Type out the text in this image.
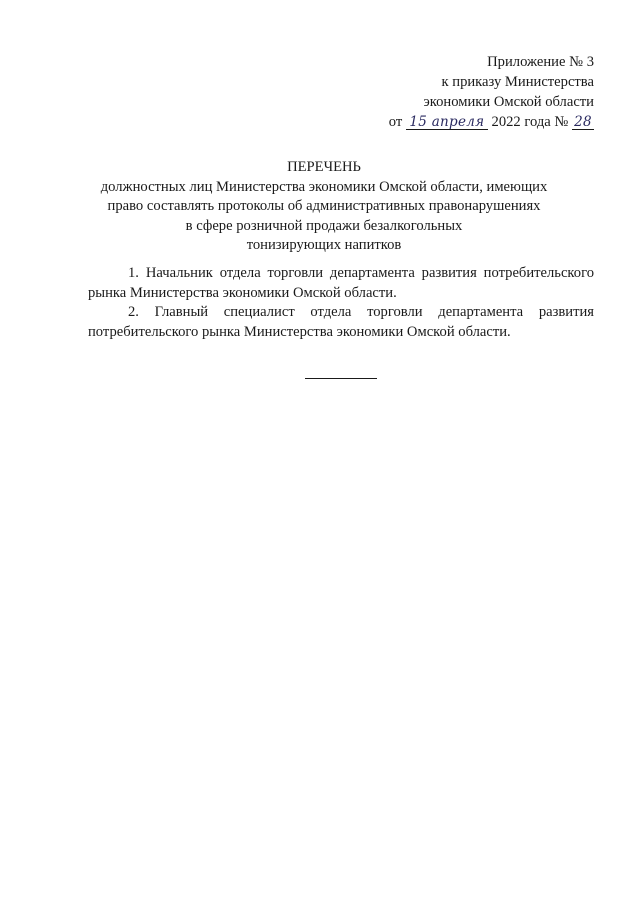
Приложение № 3
к приказу Министерства
экономики Омской области
от 15 апреля 2022 года № 28
ПЕРЕЧЕНЬ
должностных лиц Министерства экономики Омской области, имеющих
право составлять протоколы об административных правонарушениях
в сфере розничной продажи безалкогольных
тонизирующих напитков

1. Начальник отдела торговли департамента развития потребительского рынка Министерства экономики Омской области.

2. Главный специалист отдела торговли департамента развития потребительского рынка Министерства экономики Омской области.
